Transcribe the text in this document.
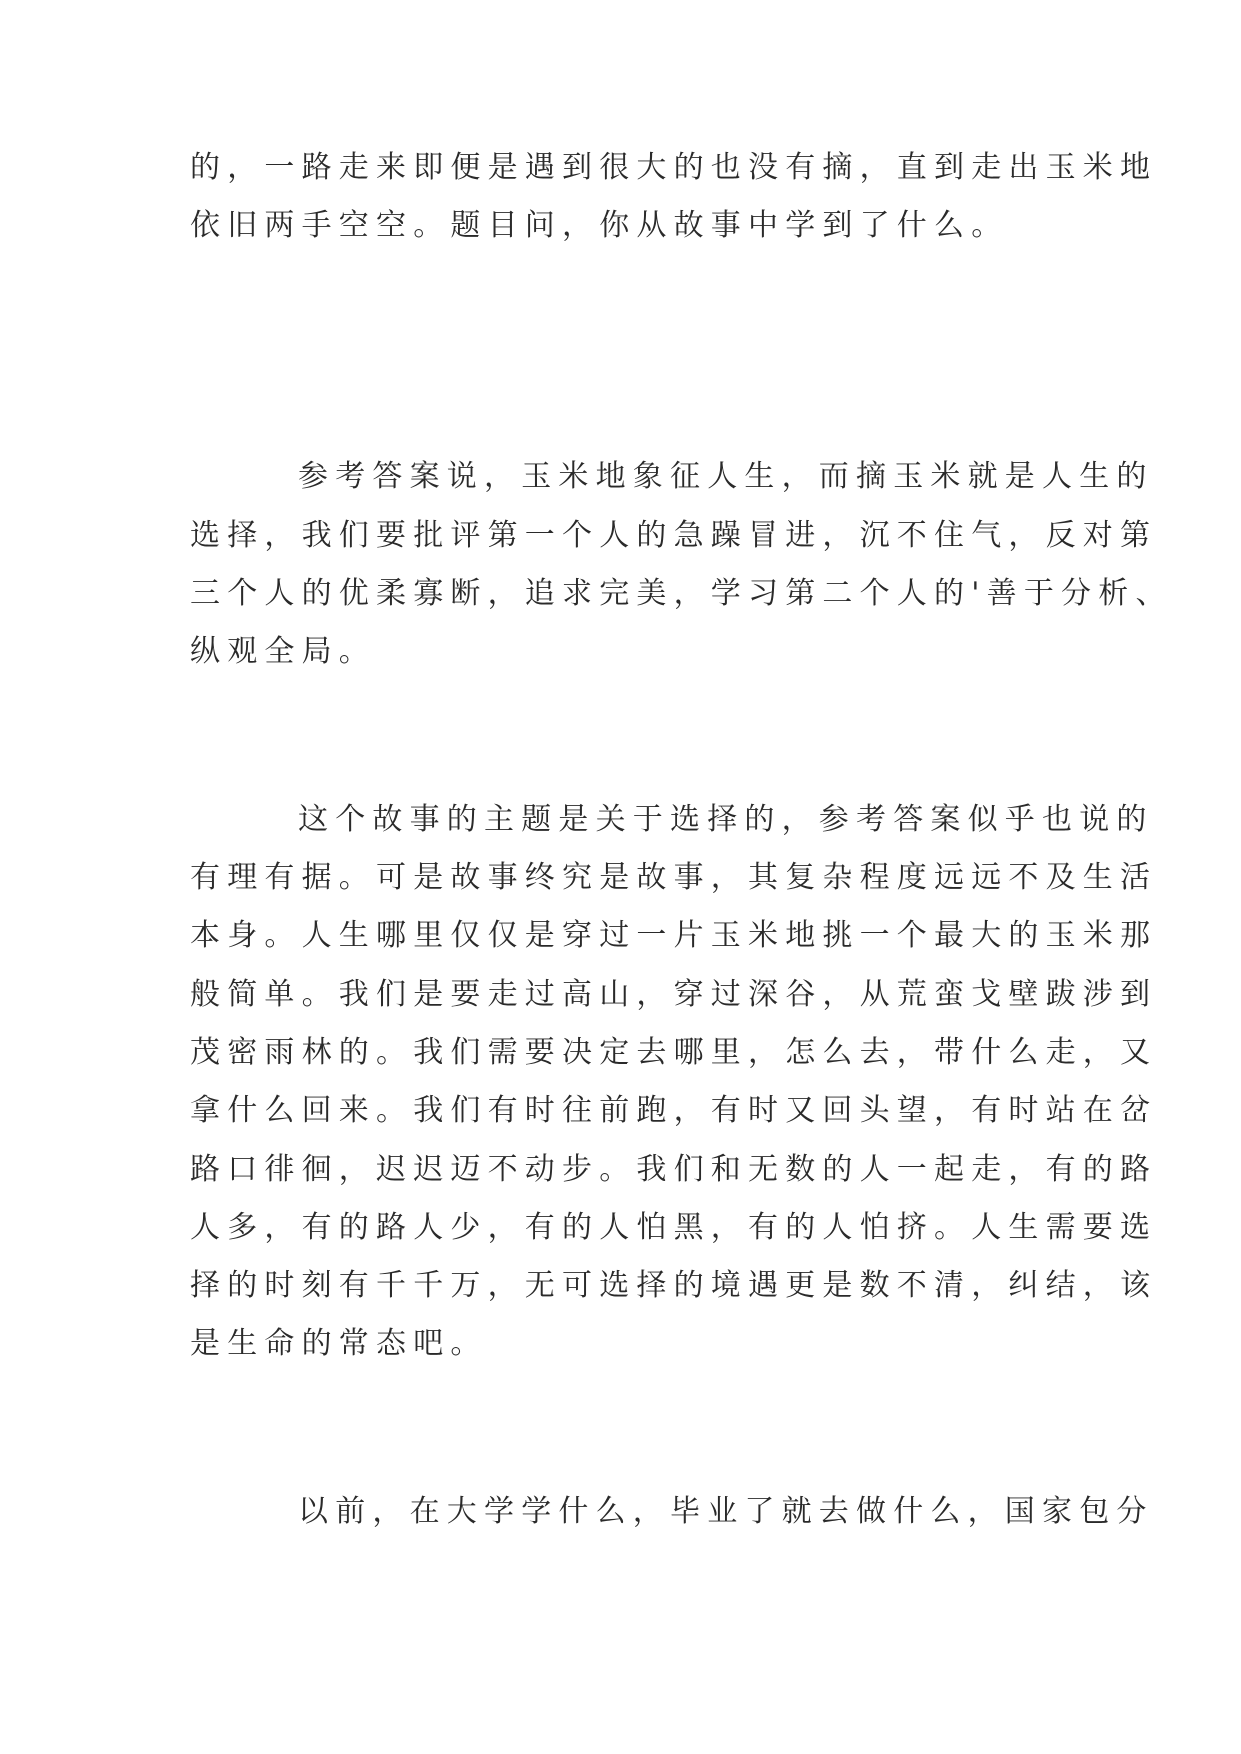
的，一路走来即便是遇到很大的也没有摘，直到走出玉米地

依旧两手空空。题目问，你从故事中学到了什么。

参考答案说，玉米地象征人生，而摘玉米就是人生的

选择，我们要批评第一个人的急躁冒进，沉不住气，反对第

三个人的优柔寡断，追求完美，学习第二个人的'善于分析、

纵观全局。

这个故事的主题是关于选择的，参考答案似乎也说的

有理有据。可是故事终究是故事，其复杂程度远远不及生活

本身。人生哪里仅仅是穿过一片玉米地挑一个最大的玉米那

般简单。我们是要走过高山，穿过深谷，从荒蛮戈壁跋涉到

茂密雨林的。我们需要决定去哪里，怎么去，带什么走，又

拿什么回来。我们有时往前跑，有时又回头望，有时站在岔

路口徘徊，迟迟迈不动步。我们和无数的人一起走，有的路

人多，有的路人少，有的人怕黑，有的人怕挤。人生需要选

择的时刻有千千万，无可选择的境遇更是数不清，纠结，该

是生命的常态吧。

以前，在大学学什么，毕业了就去做什么，国家包分
